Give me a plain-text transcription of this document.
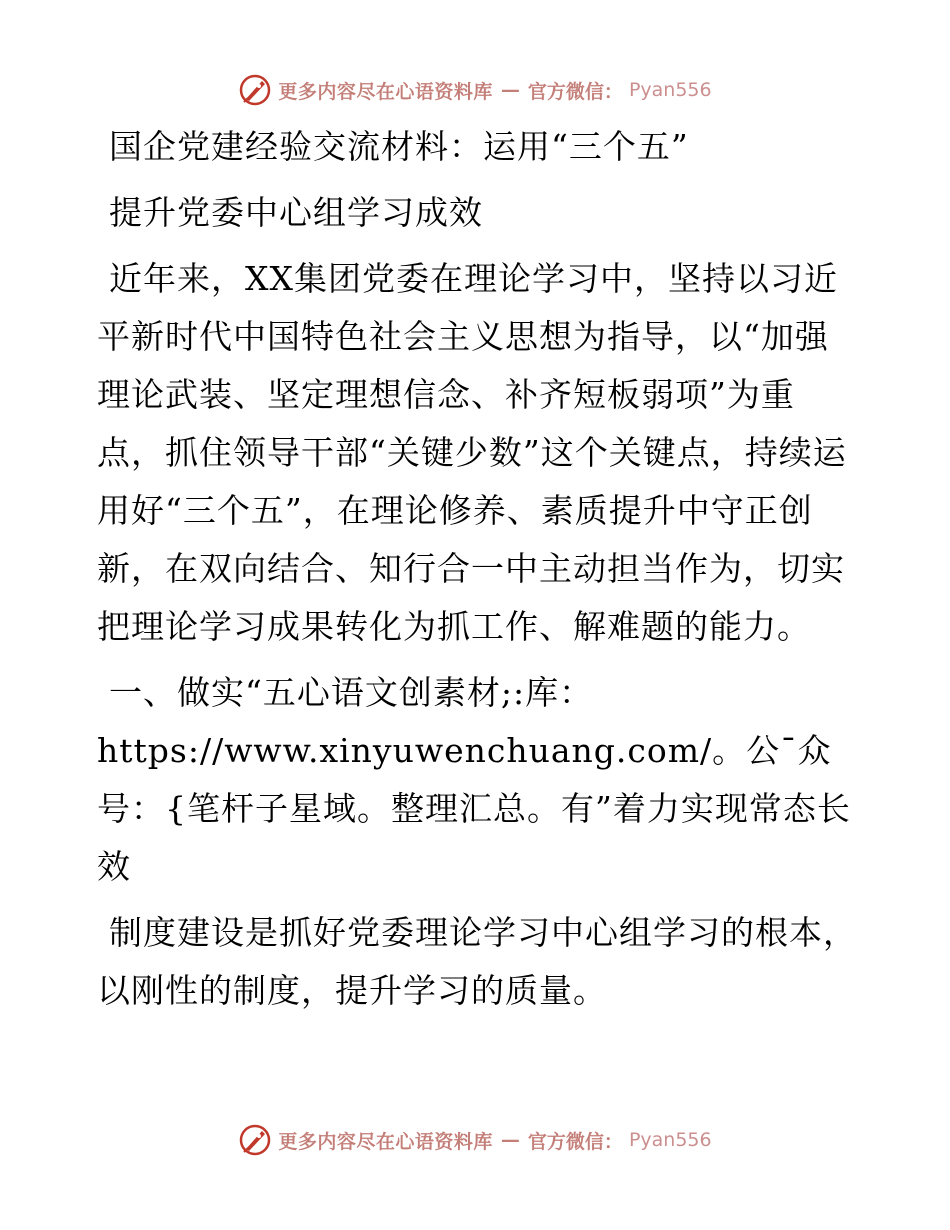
更多内容尽在心语资料库 — 官方微信： Pyan556

国企党建经验交流材料：运用“三个五”

提升党委中心组学习成效

近年来，XX集团党委在理论学习中，坚持以习近平新时代中国特色社会主义思想为指导，以“加强理论武装、坚定理想信念、补齐短板弱项”为重点，抓住领导干部“关键少数”这个关键点，持续运用好“三个五”，在理论修养、素质提升中守正创新，在双向结合、知行合一中主动担当作为，切实把理论学习成果转化为抓工作、解难题的能力。

一、做实“五心语文创素材;:库：https://www.xinyuwenchuang.com/。公¯众号：{笔杆子星域。整理汇总。有”着力实现常态长效

制度建设是抓好党委理论学习中心组学习的根本，以刚性的制度，提升学习的质量。

更多内容尽在心语资料库 — 官方微信： Pyan556
